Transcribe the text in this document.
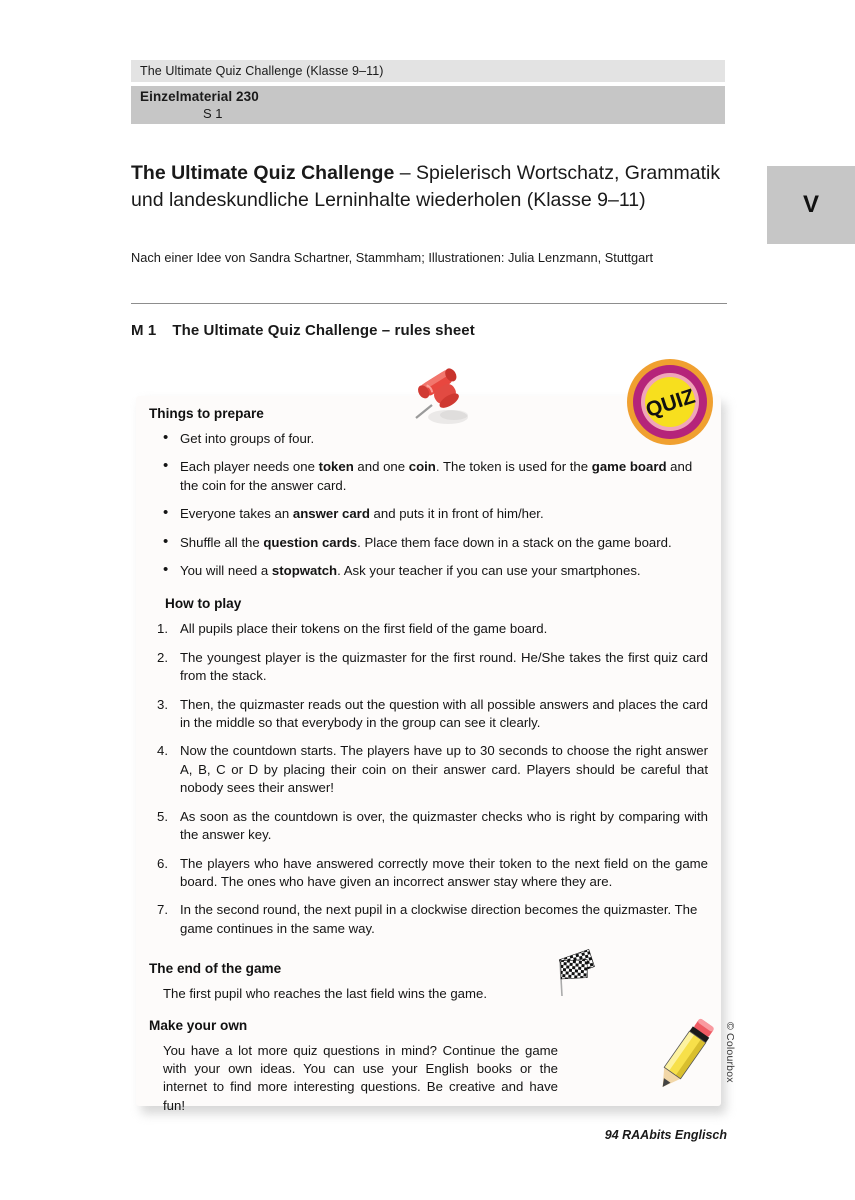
The Ultimate Quiz Challenge (Klasse 9–11)
Einzelmaterial 230
S 1
V
The Ultimate Quiz Challenge – Spielerisch Wortschatz, Grammatik und landeskundliche Lerninhalte wiederholen (Klasse 9–11)
Nach einer Idee von Sandra Schartner, Stammham; Illustrationen: Julia Lenzmann, Stuttgart
M 1 The Ultimate Quiz Challenge – rules sheet
Things to prepare
• Get into groups of four.
• Each player needs one token and one coin. The token is used for the game board and the coin for the answer card.
• Everyone takes an answer card and puts it in front of him/her.
• Shuffle all the question cards. Place them face down in a stack on the game board.
• You will need a stopwatch. Ask your teacher if you can use your smartphones.
How to play
All pupils place their tokens on the first field of the game board.
The youngest player is the quizmaster for the first round. He/She takes the first quiz card from the stack.
Then, the quizmaster reads out the question with all possible answers and places the card in the middle so that everybody in the group can see it clearly.
Now the countdown starts. The players have up to 30 seconds to choose the right answer A, B, C or D by placing their coin on their answer card. Players should be careful that nobody sees their answer!
As soon as the countdown is over, the quizmaster checks who is right by comparing with the answer key.
The players who have answered correctly move their token to the next field on the game board. The ones who have given an incorrect answer stay where they are.
In the second round, the next pupil in a clockwise direction becomes the quizmaster. The game continues in the same way.
The end of the game

The first pupil who reaches the last field wins the game.

Make your own

You have a lot more quiz questions in mind? Continue the game with your own ideas. You can use your English books or the internet to find more interesting questions. Be creative and have fun!

QUIZ
© Colourbox
94 RAAbits Englisch
